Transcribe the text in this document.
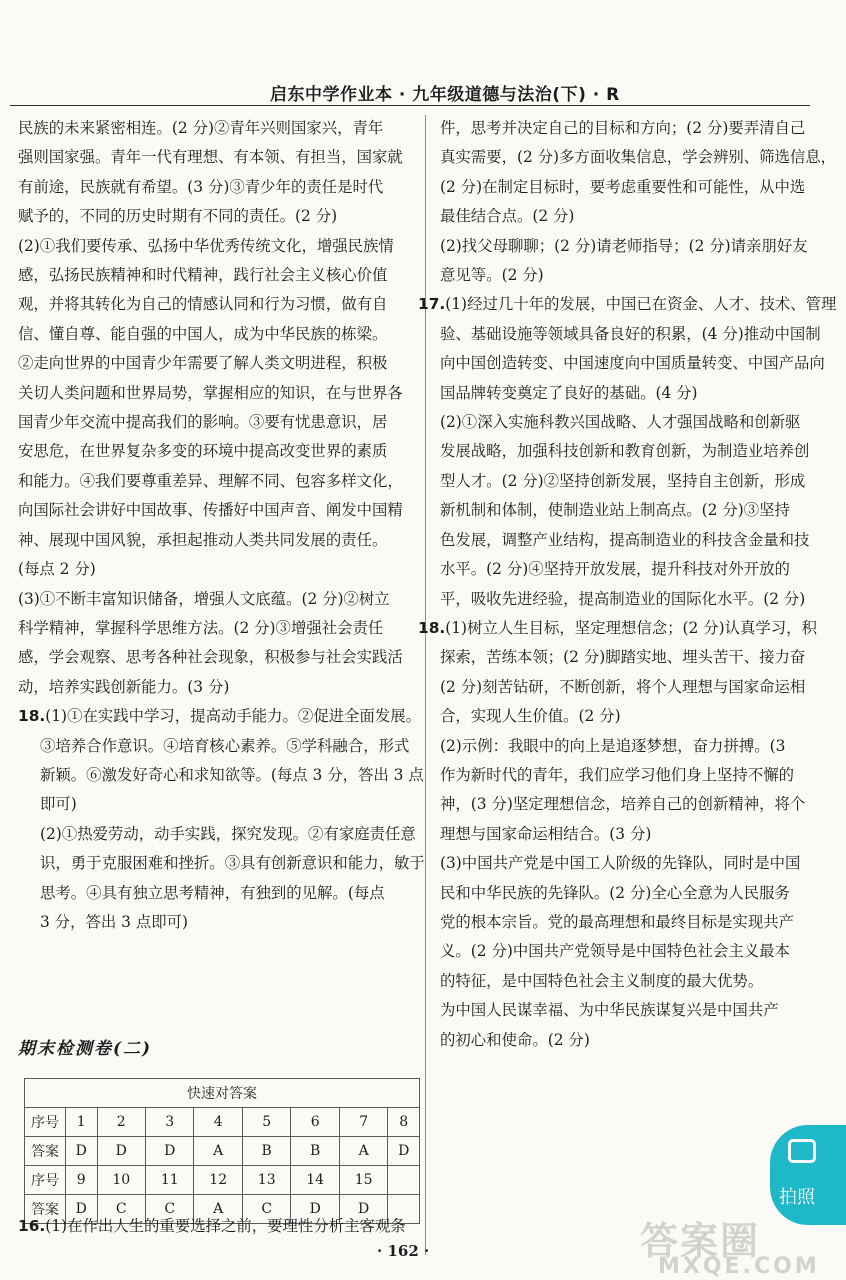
启东中学作业本 · 九年级道德与法治(下) · R
民族的未来紧密相连。(2 分)②青年兴则国家兴，青年
强则国家强。青年一代有理想、有本领、有担当，国家就
有前途，民族就有希望。(3 分)③青少年的责任是时代
赋予的，不同的历史时期有不同的责任。(2 分)
(2)①我们要传承、弘扬中华优秀传统文化，增强民族情
感，弘扬民族精神和时代精神，践行社会主义核心价值
观，并将其转化为自己的情感认同和行为习惯，做有自
信、懂自尊、能自强的中国人，成为中华民族的栋梁。
②走向世界的中国青少年需要了解人类文明进程，积极
关切人类问题和世界局势，掌握相应的知识，在与世界各
国青少年交流中提高我们的影响。③要有忧患意识，居
安思危，在世界复杂多变的环境中提高改变世界的素质
和能力。④我们要尊重差异、理解不同、包容多样文化，
向国际社会讲好中国故事、传播好中国声音、阐发中国精
神、展现中国风貌，承担起推动人类共同发展的责任。
(每点 2 分)
(3)①不断丰富知识储备，增强人文底蕴。(2 分)②树立
科学精神，掌握科学思维方法。(2 分)③增强社会责任
感，学会观察、思考各种社会现象，积极参与社会实践活
动，培养实践创新能力。(3 分)
18.(1)①在实践中学习，提高动手能力。②促进全面发展。
③培养合作意识。④培育核心素养。⑤学科融合，形式
新颖。⑥激发好奇心和求知欲等。(每点 3 分，答出 3 点
即可)
(2)①热爱劳动，动手实践，探究发现。②有家庭责任意
识，勇于克服困难和挫折。③具有创新意识和能力，敏于
思考。④具有独立思考精神，有独到的见解。(每点
3 分，答出 3 点即可)
期末检测卷(二)
快速对答案								
序号	1	2	3	4	5	6	7	8
答案	D	D	D	A	B	B	A	D
序号	9	10	11	12	13	14	15	
答案	D	C	C	A	C	D	D	
16.(1)在作出人生的重要选择之前，要理性分析主客观条
· 162 ·
件，思考并决定自己的目标和方向；(2 分)要弄清自己
真实需要，(2 分)多方面收集信息，学会辨别、筛选信息，
(2 分)在制定目标时，要考虑重要性和可能性，从中选
最佳结合点。(2 分)
(2)找父母聊聊；(2 分)请老师指导；(2 分)请亲朋好友
意见等。(2 分)
17.(1)经过几十年的发展，中国已在资金、人才、技术、管理
验、基础设施等领域具备良好的积累，(4 分)推动中国制
向中国创造转变、中国速度向中国质量转变、中国产品向
国品牌转变奠定了良好的基础。(4 分)
(2)①深入实施科教兴国战略、人才强国战略和创新驱
发展战略，加强科技创新和教育创新，为制造业培养创
型人才。(2 分)②坚持创新发展，坚持自主创新，形成
新机制和体制，使制造业站上制高点。(2 分)③坚持
色发展，调整产业结构，提高制造业的科技含金量和技
水平。(2 分)④坚持开放发展，提升科技对外开放的
平，吸收先进经验，提高制造业的国际化水平。(2 分)
18.(1)树立人生目标，坚定理想信念；(2 分)认真学习，积
探索，苦练本领；(2 分)脚踏实地、埋头苦干、接力奋
(2 分)刻苦钻研，不断创新，将个人理想与国家命运相
合，实现人生价值。(2 分)
(2)示例：我眼中的向上是追逐梦想，奋力拼搏。(3
作为新时代的青年，我们应学习他们身上坚持不懈的
神，(3 分)坚定理想信念，培养自己的创新精神，将个
理想与国家命运相结合。(3 分)
(3)中国共产党是中国工人阶级的先锋队，同时是中国
民和中华民族的先锋队。(2 分)全心全意为人民服务
党的根本宗旨。党的最高理想和最终目标是实现共产
义。(2 分)中国共产党领导是中国特色社会主义最本
的特征，是中国特色社会主义制度的最大优势。
为中国人民谋幸福、为中华民族谋复兴是中国共产
的初心和使命。(2 分)
拍照
答案圈
MXQE.COM
